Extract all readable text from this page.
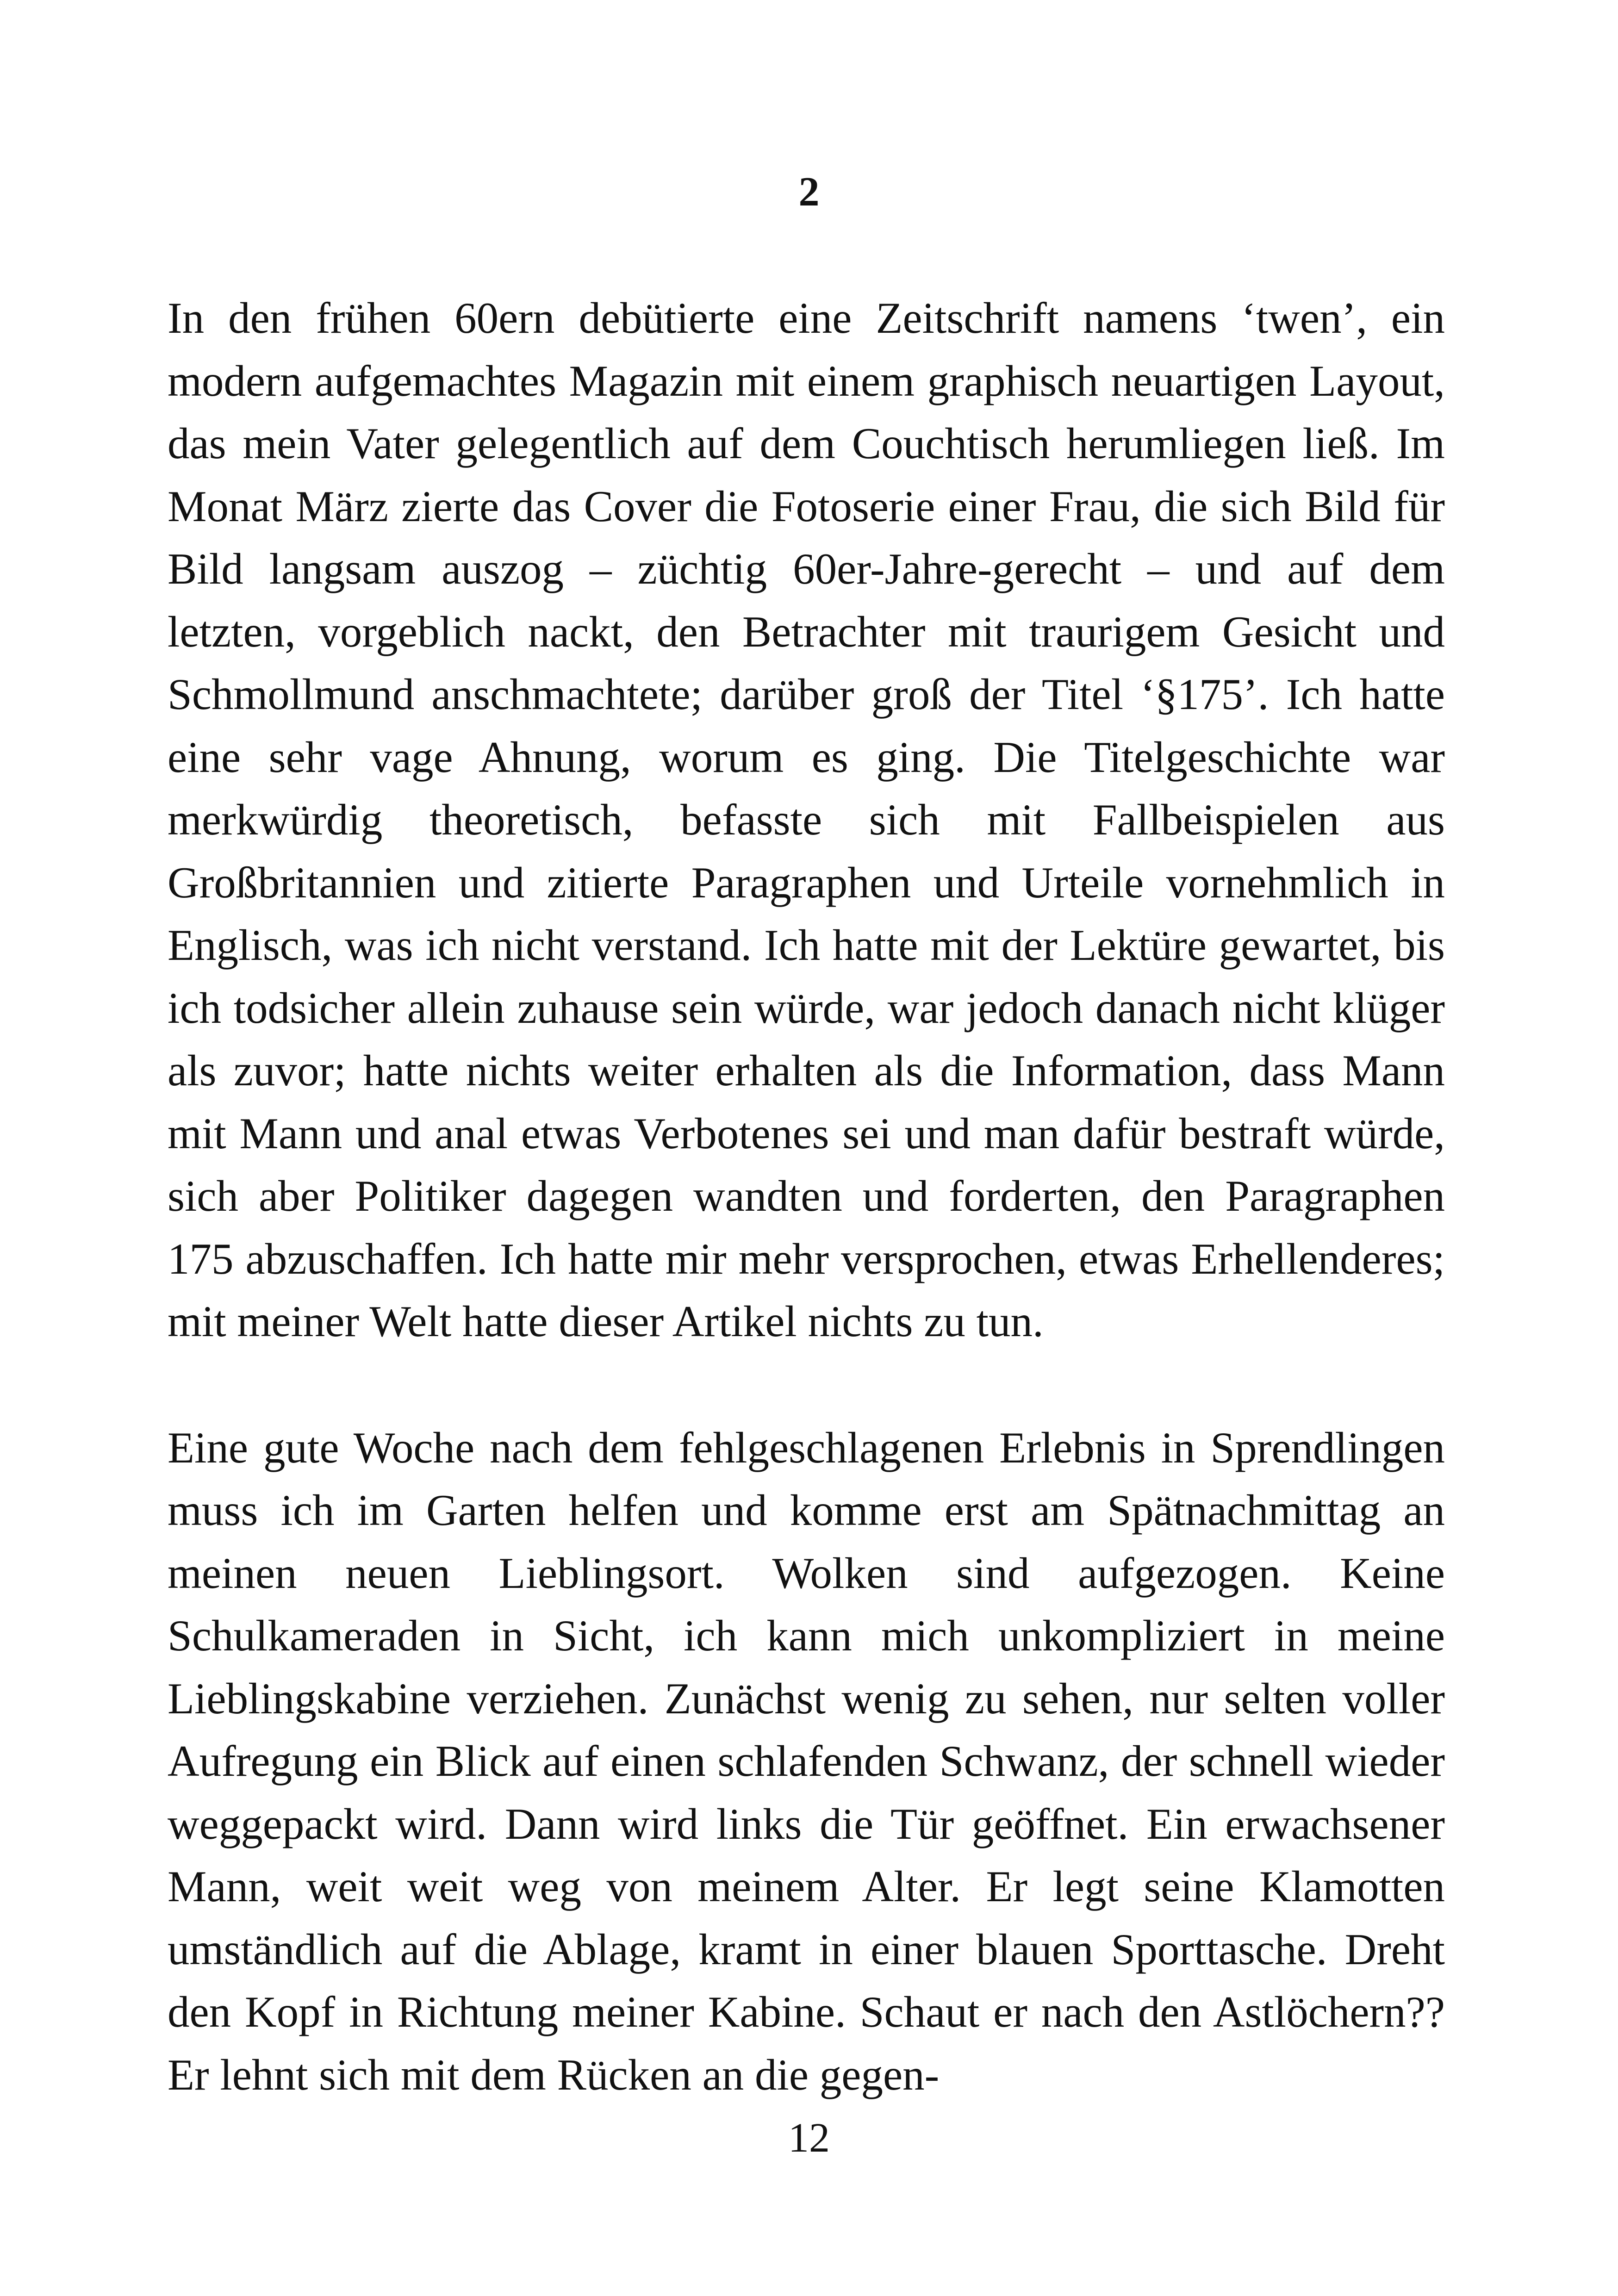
2

In den frühen 60ern debütierte eine Zeitschrift namens ‘twen’, ein modern aufgemachtes Magazin mit einem graphisch neuartigen Layout, das mein Vater gelegentlich auf dem Couchtisch herumliegen ließ. Im Monat März zierte das Cover die Fotoserie einer Frau, die sich Bild für Bild langsam auszog – züchtig 60er-Jahre-gerecht – und auf dem letzten, vorgeblich nackt, den Betrachter mit traurigem Gesicht und Schmollmund anschmachtete; darüber groß der Titel ‘§175’. Ich hatte eine sehr vage Ahnung, worum es ging. Die Titelgeschichte war merkwürdig theoretisch, befasste sich mit Fallbeispielen aus Großbritannien und zitierte Paragraphen und Urteile vornehmlich in Englisch, was ich nicht verstand. Ich hatte mit der Lektüre gewartet, bis ich todsicher allein zuhause sein würde, war jedoch danach nicht klüger als zuvor; hatte nichts weiter erhalten als die Information, dass Mann mit Mann und anal etwas Verbotenes sei und man dafür bestraft würde, sich aber Politiker dagegen wandten und forderten, den Paragraphen 175 abzuschaffen. Ich hatte mir mehr versprochen, etwas Erhellenderes; mit meiner Welt hatte dieser Artikel nichts zu tun.

Eine gute Woche nach dem fehlgeschlagenen Erlebnis in Sprendlingen muss ich im Garten helfen und komme erst am Spätnachmittag an meinen neuen Lieblingsort. Wolken sind aufgezogen. Keine Schulkameraden in Sicht, ich kann mich unkompliziert in meine Lieblingskabine verziehen. Zunächst wenig zu sehen, nur selten voller Aufregung ein Blick auf einen schlafenden Schwanz, der schnell wieder weggepackt wird. Dann wird links die Tür geöffnet. Ein erwachsener Mann, weit weit weg von meinem Alter. Er legt seine Klamotten umständlich auf die Ablage, kramt in einer blauen Sporttasche. Dreht den Kopf in Richtung meiner Kabine. Schaut er nach den Astlöchern?? Er lehnt sich mit dem Rücken an die gegen-

12
